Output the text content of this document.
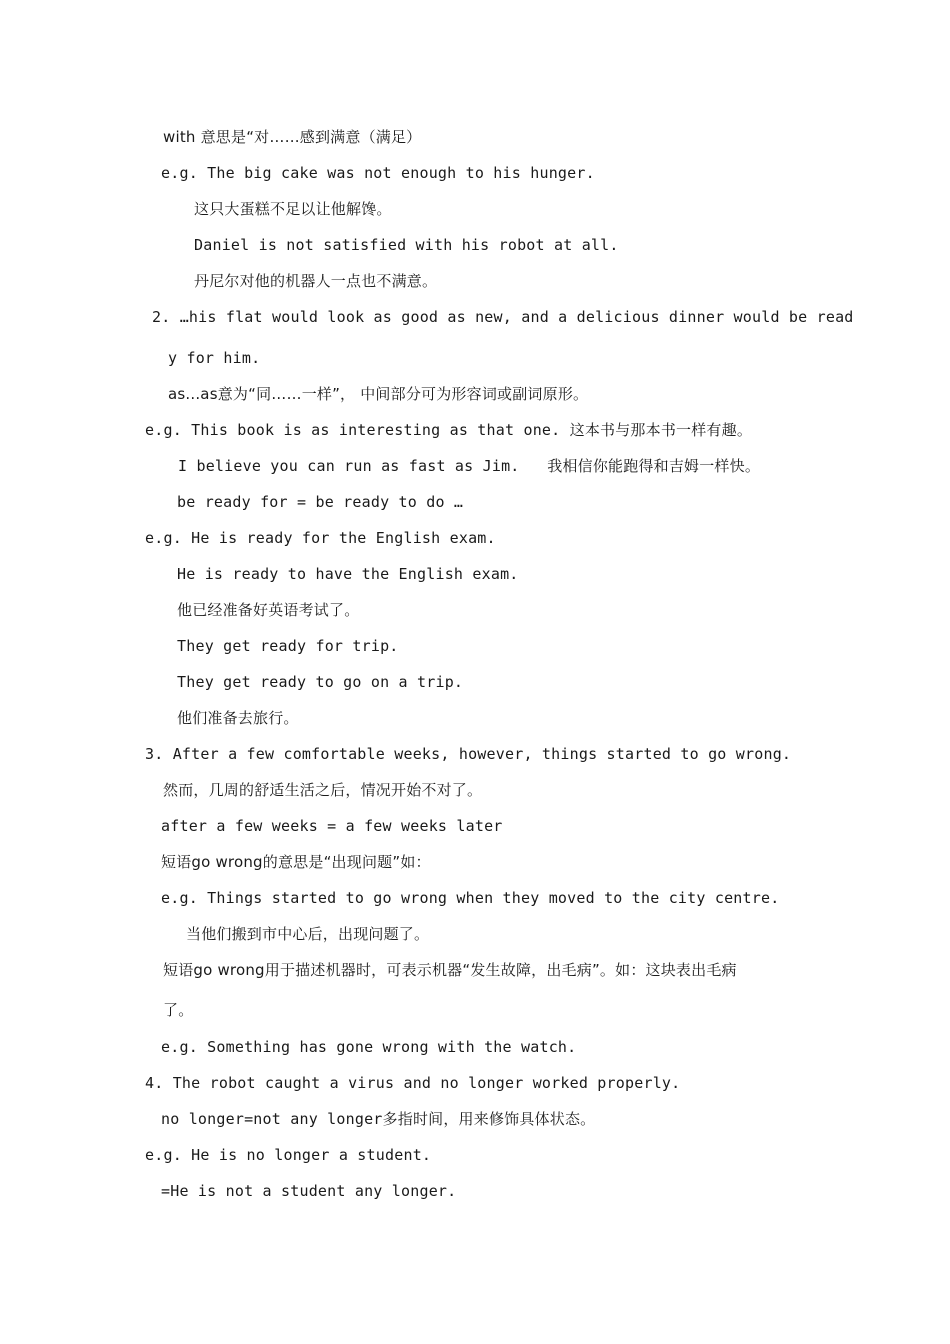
with 意思是“对……感到满意（满足）
e.g. The big cake was not enough to his hunger.
这只大蛋糕不足以让他解馋。
Daniel is not satisfied with his robot at all.
丹尼尔对他的机器人一点也不满意。
2. …his flat would look as good as new, and a delicious dinner would be read
y for him.
as...as意为“同……一样”， 中间部分可为形容词或副词原形。
e.g. This book is as interesting as that one. 这本书与那本书一样有趣。
I believe you can run as fast as Jim.   我相信你能跑得和吉姆一样快。
be ready for = be ready to do …
e.g. He is ready for the English exam.
He is ready to have the English exam.
他已经准备好英语考试了。
They get ready for trip.
They get ready to go on a trip.
他们准备去旅行。
3. After a few comfortable weeks, however, things started to go wrong.
然而，几周的舒适生活之后，情况开始不对了。
after a few weeks = a few weeks later
短语go wrong的意思是“出现问题”如：
e.g. Things started to go wrong when they moved to the city centre.
当他们搬到市中心后，出现问题了。
短语go wrong用于描述机器时，可表示机器“发生故障，出毛病”。如：这块表出毛病
了。
e.g. Something has gone wrong with the watch.
4. The robot caught a virus and no longer worked properly.
no longer=not any longer多指时间，用来修饰具体状态。
e.g. He is no longer a student.
=He is not a student any longer.
